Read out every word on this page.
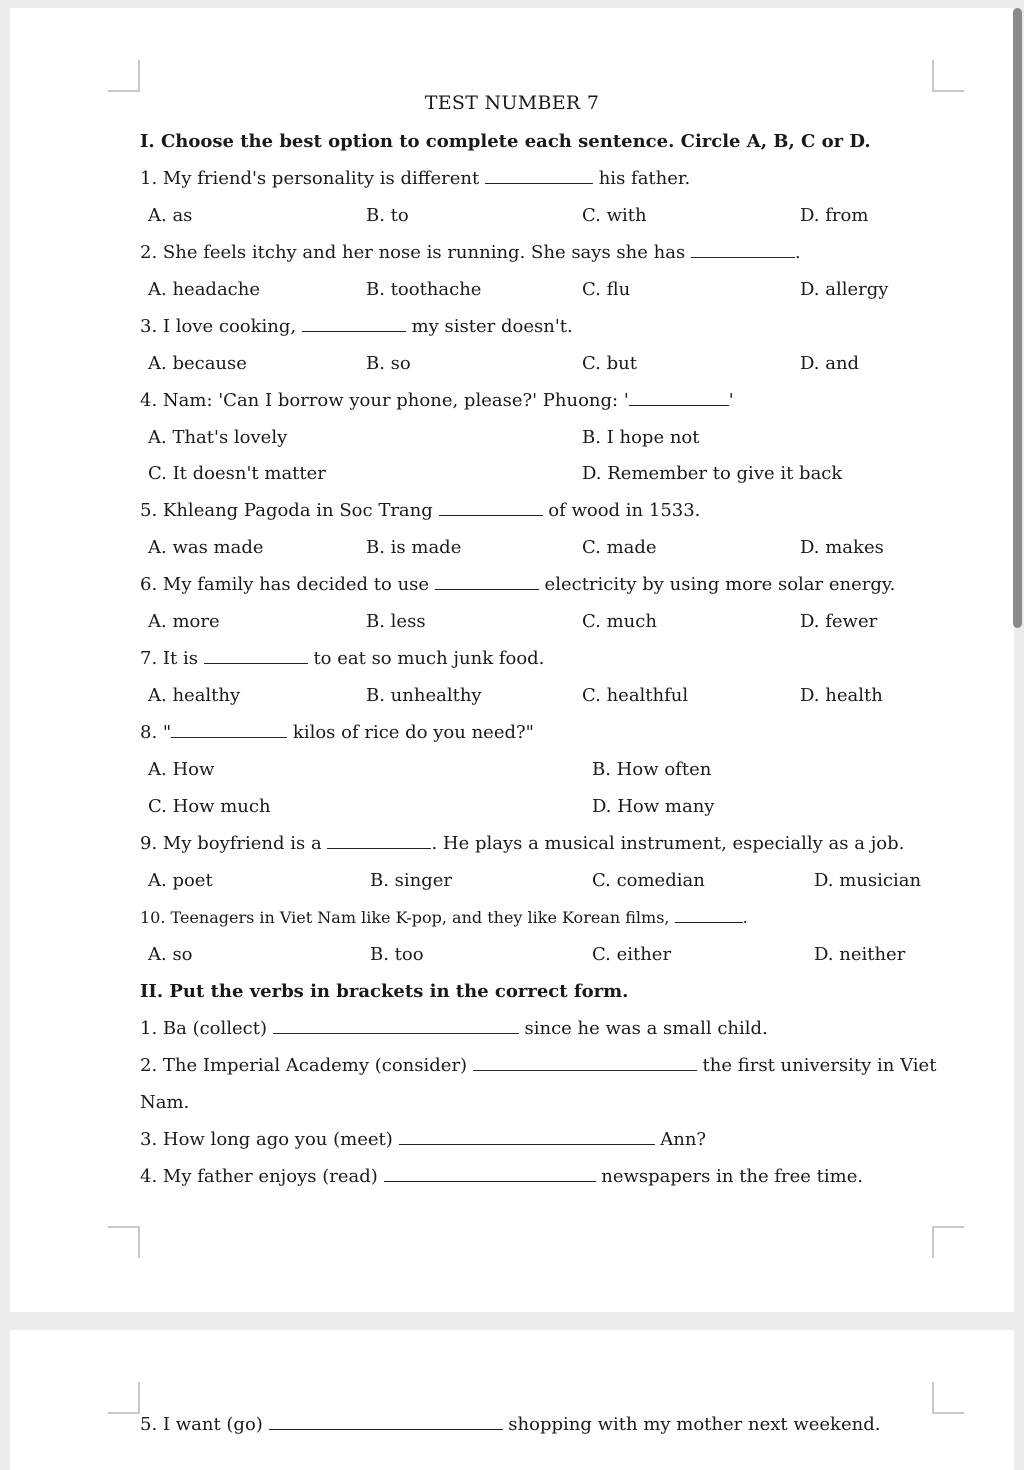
TEST NUMBER 7
I. Choose the best option to complete each sentence. Circle A, B, C or D.
1. My friend's personality is different	his father.
A. as	B. to	C. with	D. from
2. She feels itchy and her nose is running. She says she has	.
A. headache	B. toothache	C. flu	D. allergy
3. I love cooking,	my sister doesn't.
A. because	B. so	C. but	D. and
4. Nam: 'Can I borrow your phone, please?' Phuong: '	'
A. That's lovely	B. I hope not
C. It doesn't matter	D. Remember to give it back
5. Khleang Pagoda in Soc Trang	of wood in 1533.
A. was made	B. is made	C. made	D. makes
6. My family has decided to use	electricity by using more solar energy.
A. more	B. less	C. much	D. fewer
7. It is	to eat so much junk food.
A. healthy	B. unhealthy	C. healthful	D. health
8. "	kilos of rice do you need?"
A. How	B. How often
C. How much	D. How many
9. My boyfriend is a	. He plays a musical instrument, especially as a job.
A. poet	B. singer	C. comedian	D. musician
10. Teenagers in Viet Nam like K-pop, and they like Korean films,	.
A. so	B. too	C. either	D. neither
II. Put the verbs in brackets in the correct form.
1. Ba (collect)	since he was a small child.
2. The Imperial Academy (consider)	the first university in Viet
Nam.
3. How long ago you (meet)	Ann?
4. My father enjoys (read)	newspapers in the free time.
5. I want (go)	shopping with my mother next weekend.
